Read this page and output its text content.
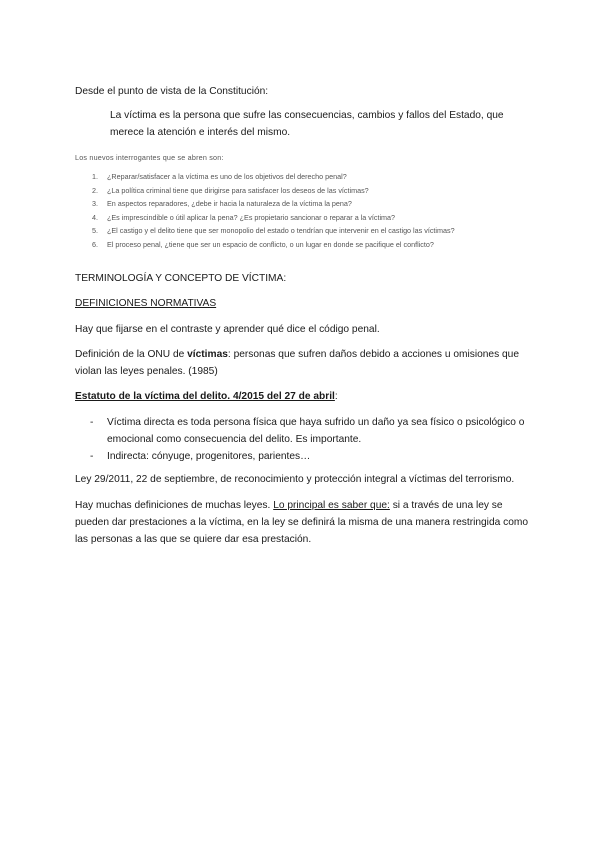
Desde el punto de vista de la Constitución:

La víctima es la persona que sufre las consecuencias, cambios y fallos del Estado, que merece la atención e interés del mismo.

Los nuevos interrogantes que se abren son:

1. ¿Reparar/satisfacer a la víctima es uno de los objetivos del derecho penal?
2. ¿La política criminal tiene que dirigirse para satisfacer los deseos de las víctimas?
3. En aspectos reparadores, ¿debe ir hacia la naturaleza de la víctima la pena?
4. ¿Es imprescindible o útil aplicar la pena? ¿Es propietario sancionar o reparar a la víctima?
5. ¿El castigo y el delito tiene que ser monopolio del estado o tendrían que intervenir en el castigo las víctimas?
6. El proceso penal, ¿tiene que ser un espacio de conflicto, o un lugar en donde se pacifique el conflicto?

TERMINOLOGÍA Y CONCEPTO DE VÍCTIMA:

DEFINICIONES NORMATIVAS

Hay que fijarse en el contraste y aprender qué dice el código penal.

Definición de la ONU de víctimas: personas que sufren daños debido a acciones u omisiones que violan las leyes penales. (1985)

Estatuto de la víctima del delito. 4/2015 del 27 de abril:

-	Víctima directa es toda persona física que haya sufrido un daño ya sea físico o psicológico o emocional como consecuencia del delito. Es importante.
-	Indirecta: cónyuge, progenitores, parientes…

Ley 29/2011, 22 de septiembre, de reconocimiento y protección integral a víctimas del terrorismo.

Hay muchas definiciones de muchas leyes. Lo principal es saber que: si a través de una ley se pueden dar prestaciones a la víctima, en la ley se definirá la misma de una manera restringida como las personas a las que se quiere dar esa prestación.
